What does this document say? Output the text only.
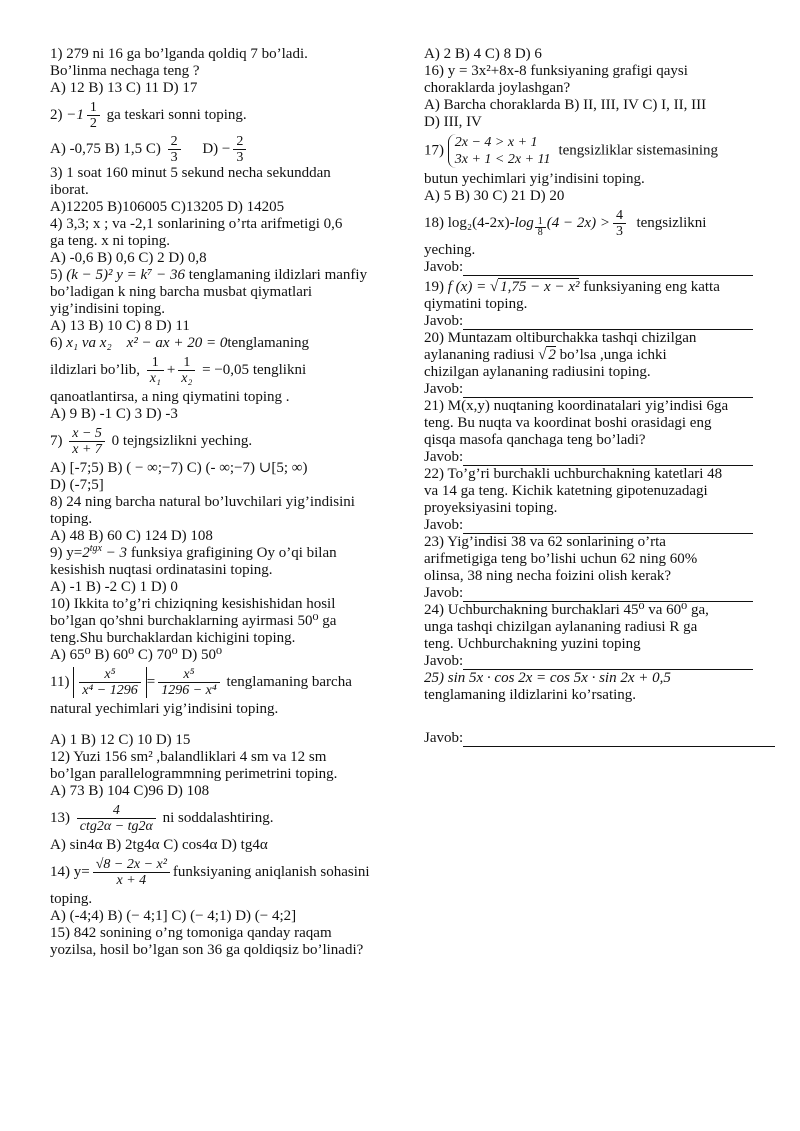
1) 279 ni 16 ga bo’lganda qoldiq 7 bo’ladi.
Bo’linma nechaga teng ?
A) 12 B) 13 C) 11 D) 17
$2) -1 \frac{1}{2}$ ga teskari sonni toping.
A) -0,75 B) 1,5 $C) \frac{2}{3} D) - \frac{2}{3}$
3) 1 soat 160 minut 5 sekund necha sekunddan
iborat.
A)12205 B)106005 C)13205 D) 14205
4) 3,3; x ; va -2,1 sonlarining o’rta arifmetigi 0,6
ga teng. x ni toping.
A) -0,6 B) 0,6 C) 2 D) 0,8
5) (k − 5)² y = k⁷ − 36 tenglamaning ildizlari manfiy
bo’ladigan k ning barcha musbat qiymatlari
yig’indisini toping.
A) 13 B) 10 C) 8 D) 11
6) x₁ va x₂ x² − ax + 20 = 0tenglamaning
ildizlari bo’lib, $\frac{1}{\text{x₁}} + \frac{1}{\text{x₂}} = -0,05$ tenglikni
qanoatlantirsa, a ning qiymatini toping .
A) 9 B) -1 C) 3 D) -3
$7) \frac{x - 5}{x + 7} 0$ tejngsizlikni yeching.
A) [-7;5) B) ( − ∞;−7) C) (- ∞;−7) ∪[5; ∞)
D) (-7;5]
8) 24 ning barcha natural bo’luvchilari yig’indisini
toping.
A) 48 B) 60 C) 124 D) 108
9) $y=2^{tgx} - 3$ funksiya grafigining Oy o’qi bilan
kesishish nuqtasi ordinatasini toping.
A) -1 B) -2 C) 1 D) 0
10) Ikkita to’g’ri chiziqning kesishishidan hosil
bo’lgan qo’shni burchaklarning ayirmasi 50⁰ ga
teng.Shu burchaklardan kichigini toping.
A) 65⁰ B) 60⁰ C) 70⁰ D) 50⁰
$11) \frac{\text{x⁵}}{\text{x⁴ − 1296}} = \frac{\text{x⁵}}{\text{1296 − x⁴}}$ tenglamaning barcha
natural yechimlari yig’indisini toping.
A) 1 B) 12 C) 10 D) 15
12) Yuzi 156 sm² ,balandliklari 4 sm va 12 sm
bo’lgan parallelogrammning perimetrini toping.
A) 73 B) 104 C)96 D) 108
$13) \frac{4}{\text{ctg2α − tg2α}}$ ni soddalashtiring.
A) sin4α B) 2tg4α C) cos4α D) tg4α
14) $y= \frac{\text{√8 − 2x − x²}}{x + 4}$ funksiyaning aniqlanish sohasini
toping.
A) (-4;4) B) (− 4;1] C) (− 4;1) D) (− 4;2]
15) 842 sonining o’ng tomoniga qanday raqam
yozilsa, hosil bo’lgan son 36 ga qoldiqsiz bo’linadi?
A) 2 B) 4 C) 8 D) 6
16) y = 3x²+8x-8 funksiyaning grafigi qaysi
choraklarda joylashgan?
A) Barcha choraklarda B) II, III, IV C) I, II, III
D) III, IV
17) 2x − 4 > x + 1
3x + 1 < 2x + 11
tengsizliklar sistemasining
butun yechimlari yig’indisini toping.
A) 5 B) 30 C) 21 D) 20
18) $\log_2(4-2x)-\log \frac{1}{8} (4 - 2x) > \frac{4}{3}$ tengsizlikni
yeching.
Javob:
19) f (x) = √ 1,75 − x − x² funksiyaning eng katta
qiymatini toping.
Javob:
20) Muntazam oltiburchakka tashqi chizilgan
aylananing radiusi √ 2 bo’lsa ,unga ichki
chizilgan aylananing radiusini toping.
Javob:
21) M(x,y) nuqtaning koordinatalari yig’indisi 6ga
teng. Bu nuqta va koordinat boshi orasidagi eng
qisqa masofa qanchaga teng bo’ladi?
Javob:
22) To’g’ri burchakli uchburchakning katetlari 48
va 14 ga teng. Kichik katetning gipotenuzadagi
proyeksiyasini toping.
Javob:
23) Yig’indisi 38 va 62 sonlarining o’rta
arifmetigiga teng bo’lishi uchun 62 ning 60%
olinsa, 38 ning necha foizini olish kerak?
Javob:
24) Uchburchakning burchaklari 45⁰ va 60⁰ ga,
unga tashqi chizilgan aylananing radiusi R ga
teng. Uchburchakning yuzini toping
Javob:
25) sin 5x · cos 2x = cos 5x · sin 2x + 0,5
tenglamaning ildizlarini ko’rsating.
Javob:
